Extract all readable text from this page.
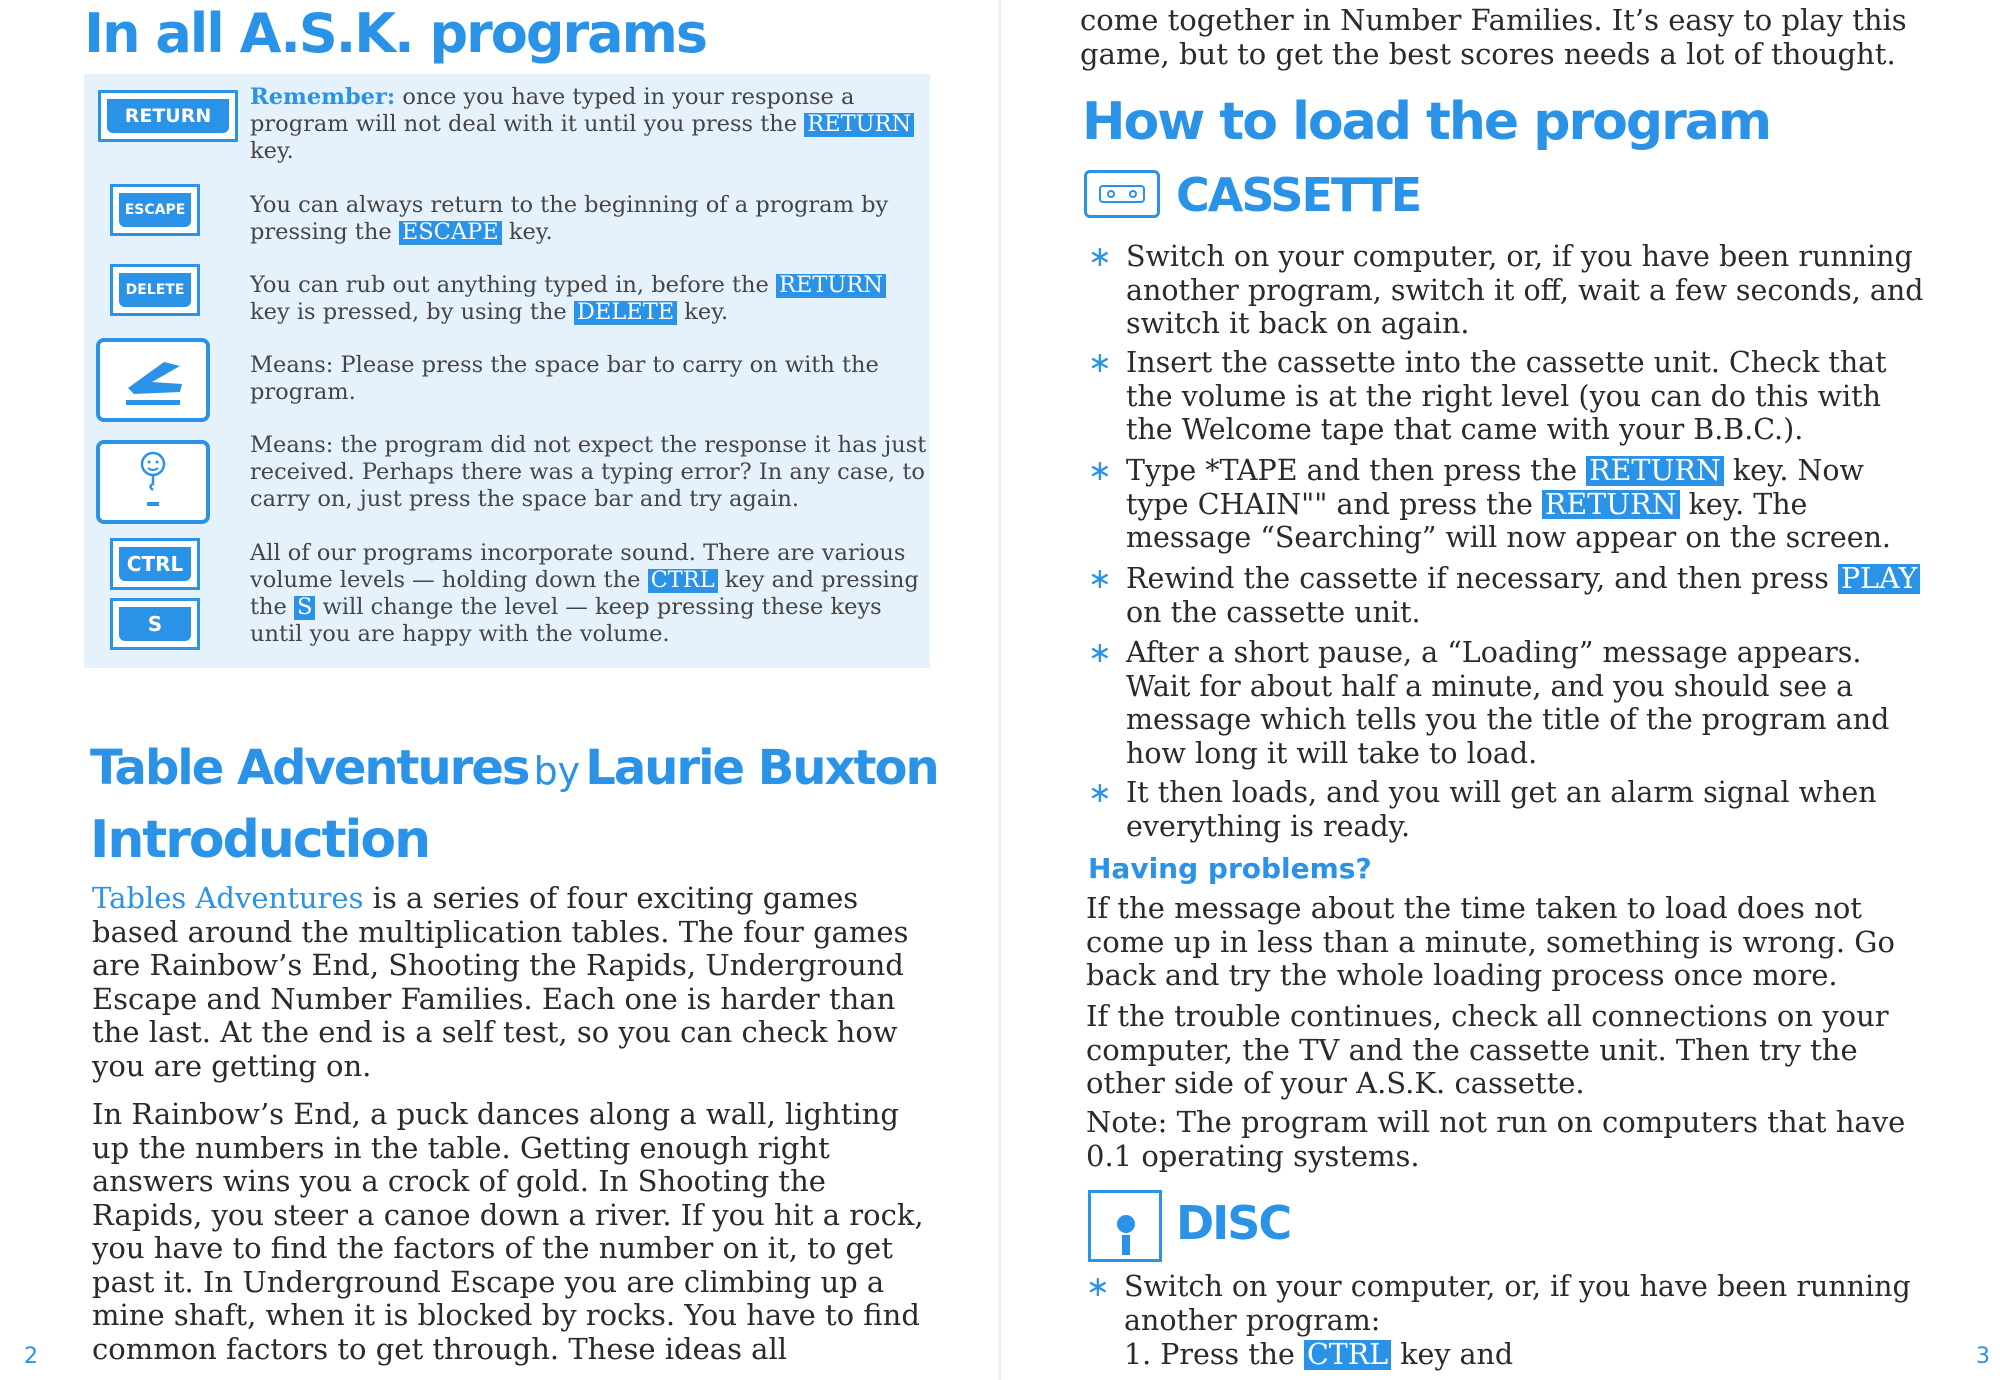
In all A.S.K. programs
RETURN
ESCAPE
DELETE
CTRL
S
Remember: once you have typed in your response a program will not deal with it until you press the RETURN key.
You can always return to the beginning of a program by pressing the ESCAPE key.
You can rub out anything typed in, before the RETURN key is pressed, by using the DELETE key.
Means: Please press the space bar to carry on with the program.
Means: the program did not expect the response it has just received. Perhaps there was a typing error? In any case, to carry on, just press the space bar and try again.
All of our programs incorporate sound. There are various volume levels — holding down the CTRL key and pressing the S will change the level — keep pressing these keys until you are happy with the volume.
Table Adventures by Laurie Buxton
Introduction

Tables Adventures is a series of four exciting games based around the multiplication tables. The four games are Rainbow’s End, Shooting the Rapids, Underground Escape and Number Families. Each one is harder than the last. At the end is a self test, so you can check how you are getting on.

In Rainbow’s End, a puck dances along a wall, lighting up the numbers in the table. Getting enough right answers wins you a crock of gold. In Shooting the Rapids, you steer a canoe down a river. If you hit a rock, you have to find the factors of the number on it, to get past it. In Underground Escape you are climbing up a mine shaft, when it is blocked by rocks. You have to find common factors to get through. These ideas all

2

come together in Number Families. It’s easy to play this game, but to get the best scores needs a lot of thought.

How to load the program
CASSETTE
∗ Switch on your computer, or, if you have been running another program, switch it off, wait a few seconds, and switch it back on again.
∗ Insert the cassette into the cassette unit. Check that the volume is at the right level (you can do this with the Welcome tape that came with your B.B.C.).
∗ Type *TAPE and then press the RETURN key. Now type CHAIN"" and press the RETURN key. The message “Searching” will now appear on the screen.
∗ Rewind the cassette if necessary, and then press PLAY on the cassette unit.
∗ After a short pause, a “Loading” message appears. Wait for about half a minute, and you should see a message which tells you the title of the program and how long it will take to load.
∗ It then loads, and you will get an alarm signal when everything is ready.
Having problems?

If the message about the time taken to load does not come up in less than a minute, something is wrong. Go back and try the whole loading process once more.

If the trouble continues, check all connections on your computer, the TV and the cassette unit. Then try the other side of your A.S.K. cassette.

Note: The program will not run on computers that have 0.1 operating systems.

DISC
∗ Switch on your computer, or, if you have been running another program:
1. Press the CTRL key and	3
